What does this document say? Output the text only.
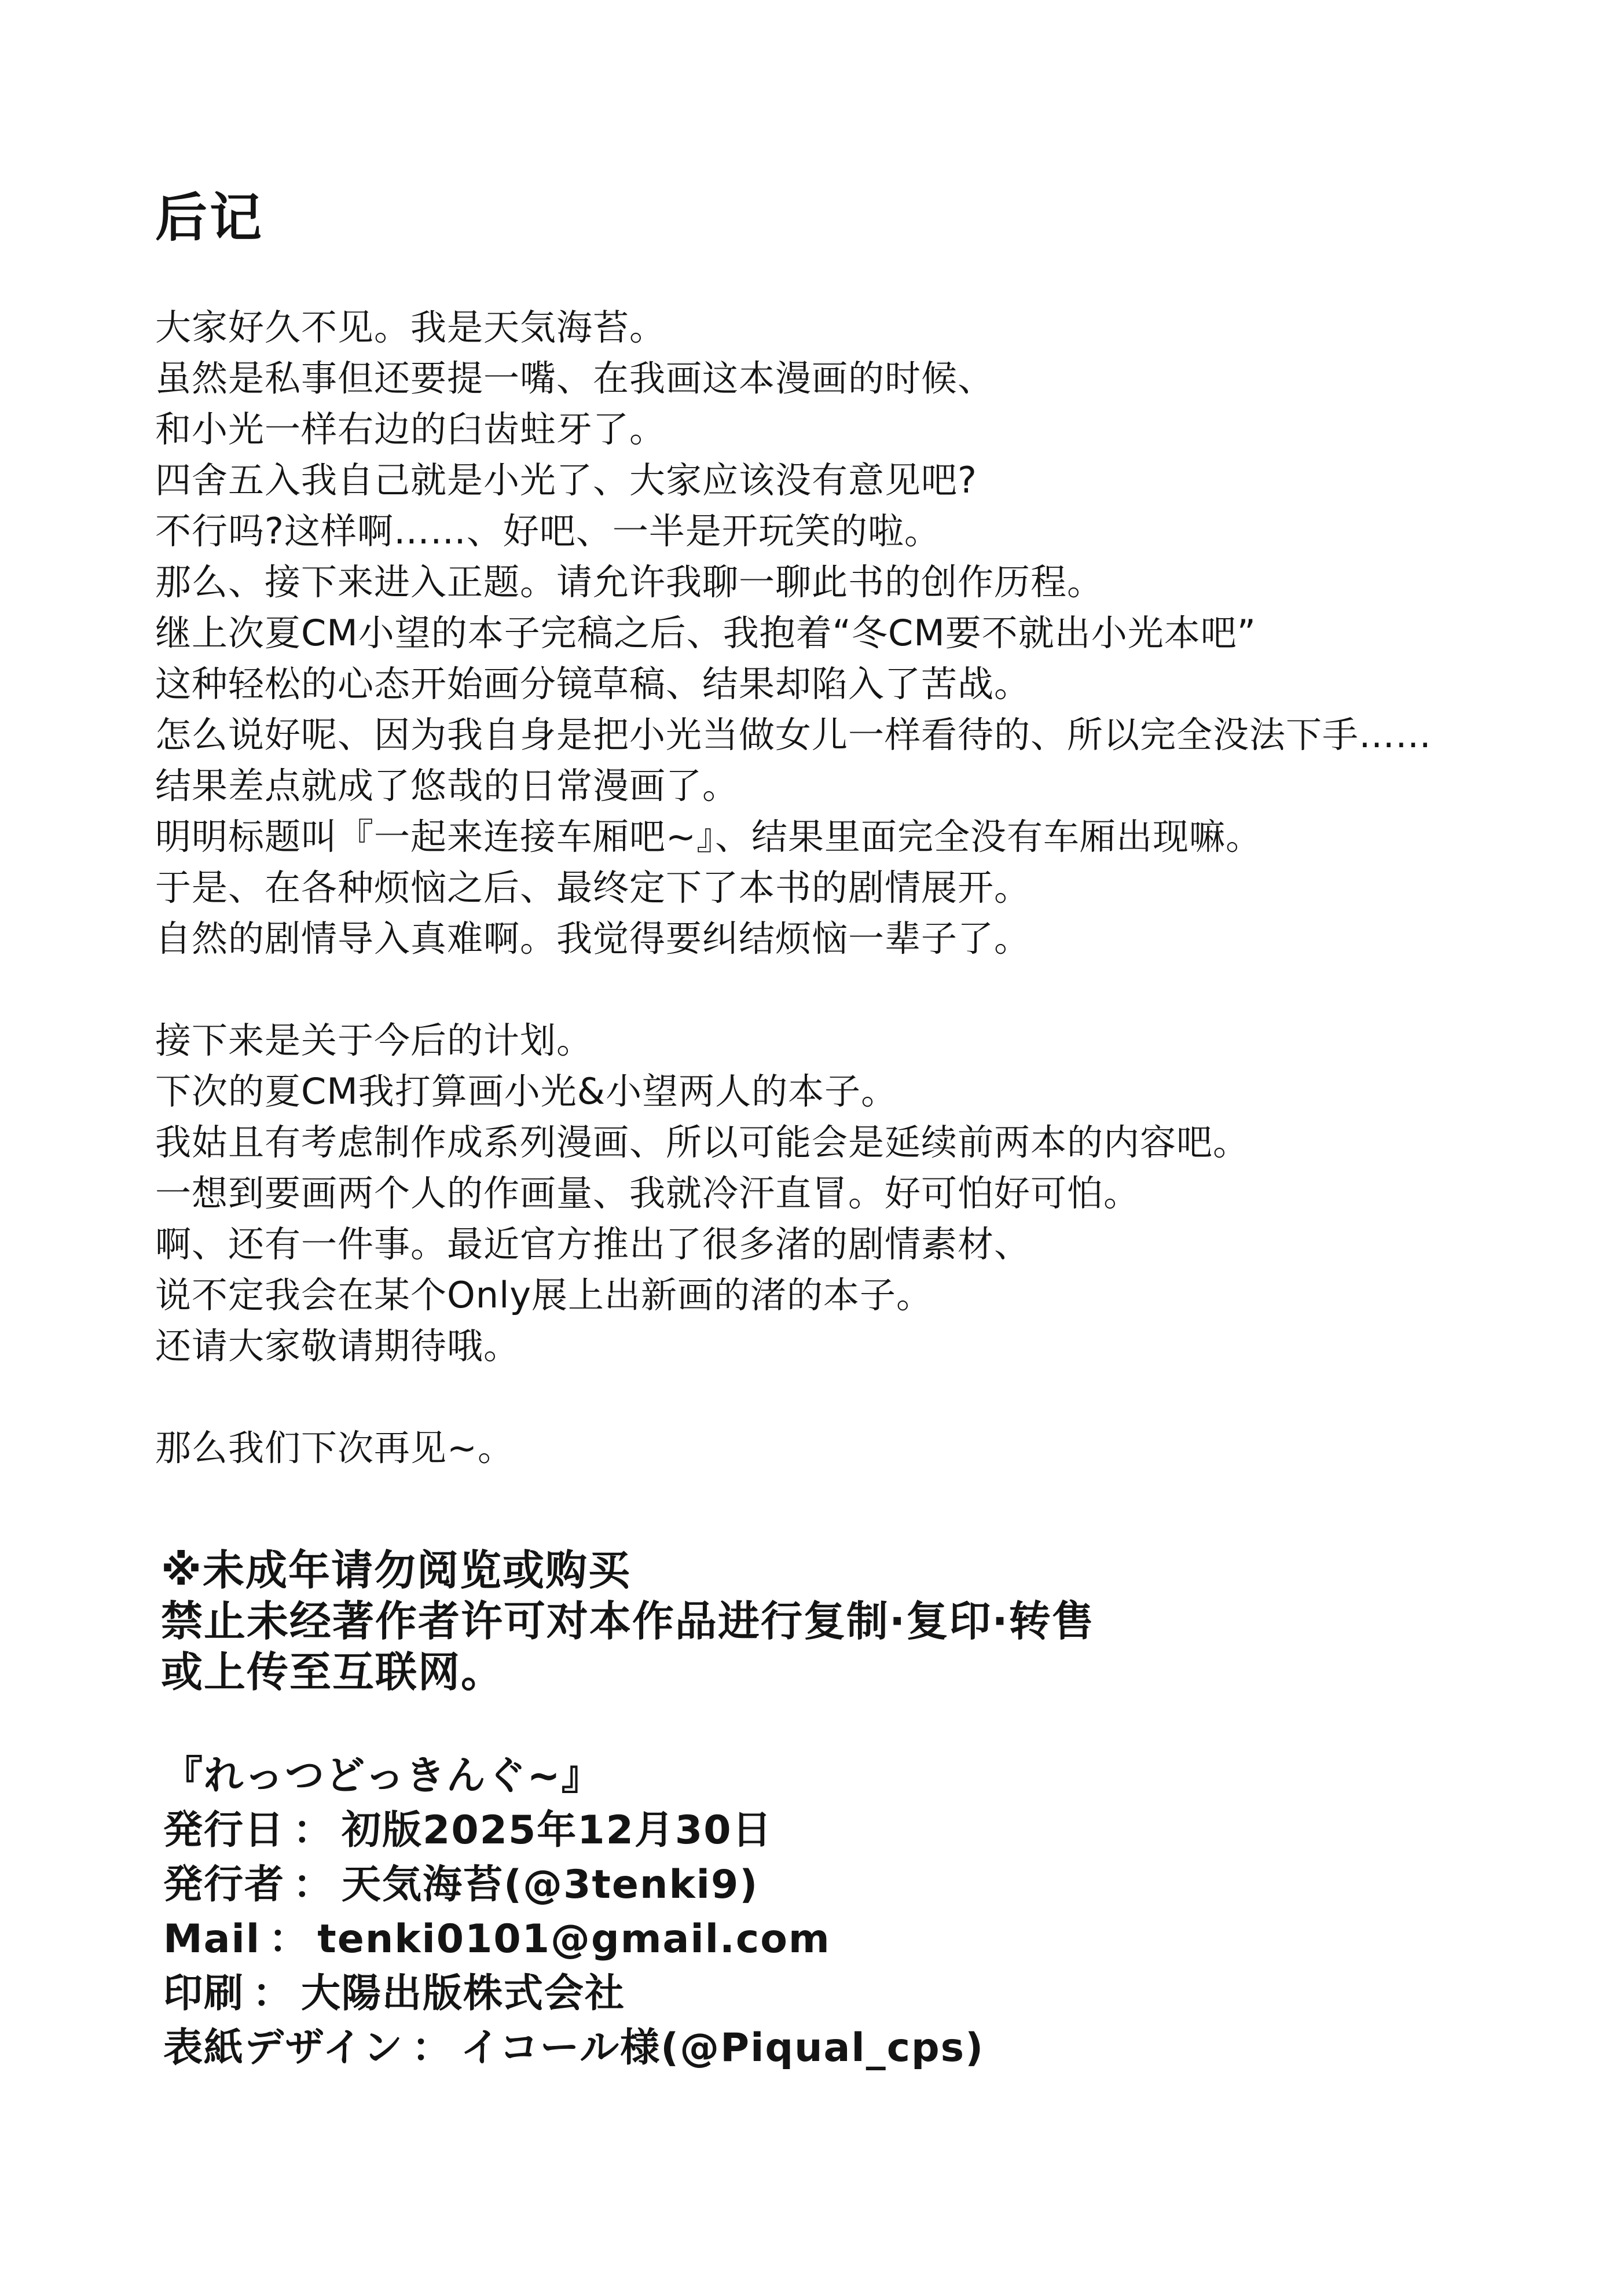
后记
大家好久不见。我是天気海苔。
虽然是私事但还要提一嘴、在我画这本漫画的时候、
和小光一样右边的臼齿蛀牙了。
四舍五入我自己就是小光了、大家应该没有意见吧?
不行吗?这样啊……、好吧、一半是开玩笑的啦。
那么、接下来进入正题。请允许我聊一聊此书的创作历程。
继上次夏CM小望的本子完稿之后、我抱着“冬CM要不就出小光本吧”
这种轻松的心态开始画分镜草稿、结果却陷入了苦战。
怎么说好呢、因为我自身是把小光当做女儿一样看待的、所以完全没法下手……
结果差点就成了悠哉的日常漫画了。
明明标题叫『一起来连接车厢吧~』、结果里面完全没有车厢出现嘛。
于是、在各种烦恼之后、最终定下了本书的剧情展开。
自然的剧情导入真难啊。我觉得要纠结烦恼一辈子了。
接下来是关于今后的计划。
下次的夏CM我打算画小光&小望两人的本子。
我姑且有考虑制作成系列漫画、所以可能会是延续前两本的内容吧。
一想到要画两个人的作画量、我就冷汗直冒。好可怕好可怕。
啊、还有一件事。最近官方推出了很多渚的剧情素材、
说不定我会在某个Only展上出新画的渚的本子。
还请大家敬请期待哦。
那么我们下次再见~。
※未成年请勿阅览或购买
禁止未经著作者许可对本作品进行复制·复印·转售
或上传至互联网。
『れっつどっきんぐ~』
発行日 ： 初版2025年12月30日
発行者 ： 天気海苔(@3tenki9)
Mail ： tenki0101@gmail.com
印刷 ： 大陽出版株式会社
表紙デザイン ： イコール様(@Piqual_cps)
